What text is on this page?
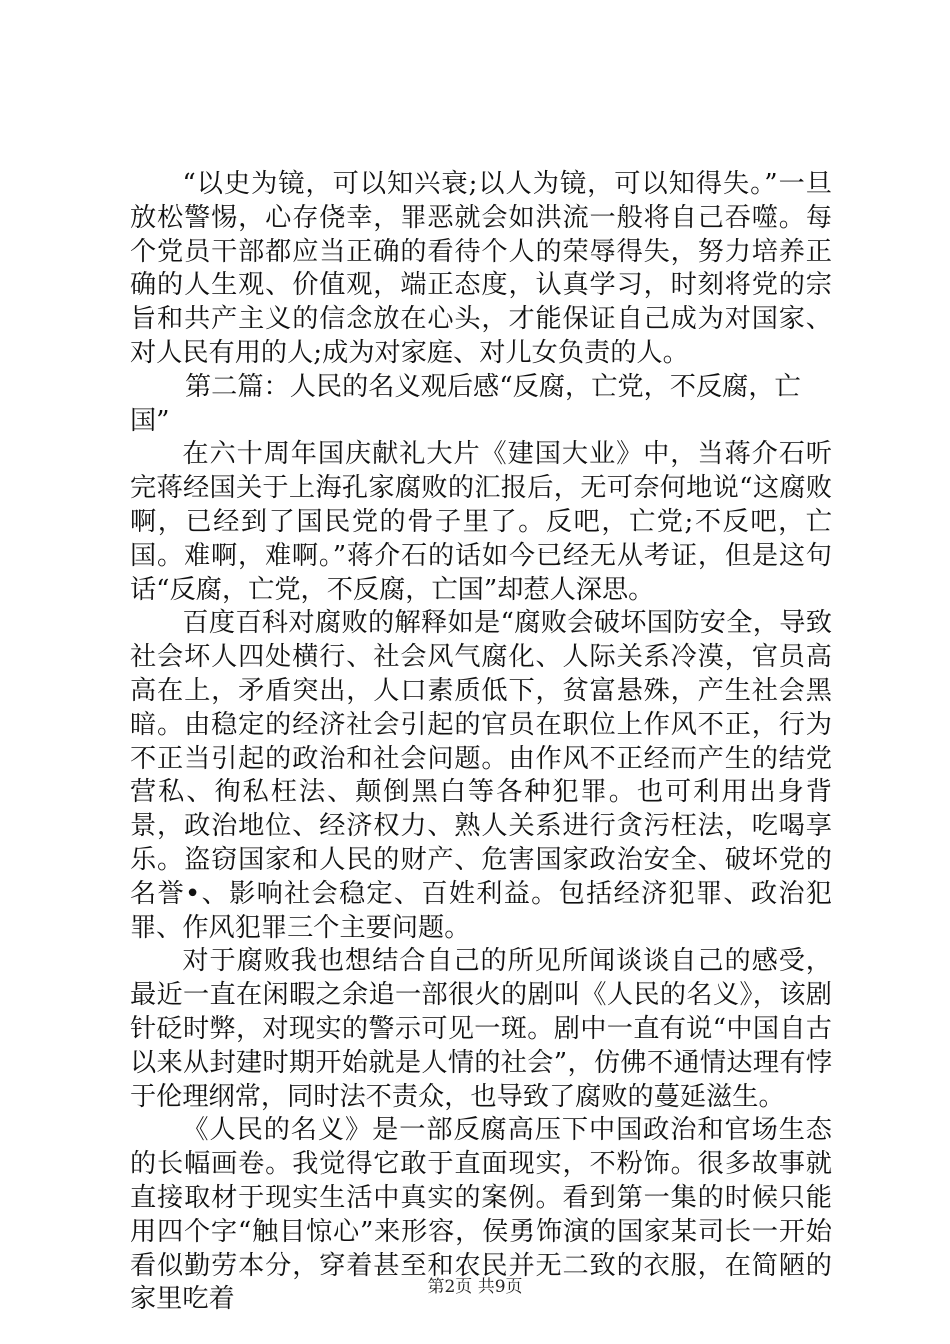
“以史为镜，可以知兴衰;以人为镜，可以知得失。”一旦放松警惕，心存侥幸，罪恶就会如洪流一般将自己吞噬。每个党员干部都应当正确的看待个人的荣辱得失，努力培养正确的人生观、价值观，端正态度，认真学习，时刻将党的宗旨和共产主义的信念放在心头，才能保证自己成为对国家、对人民有用的人;成为对家庭、对儿女负责的人。

第二篇：人民的名义观后感“反腐，亡党，不反腐，亡
国”

在六十周年国庆献礼大片《建国大业》中，当蒋介石听完蒋经国关于上海孔家腐败的汇报后，无可奈何地说“这腐败啊，已经到了国民党的骨子里了。反吧，亡党;不反吧，亡国。难啊，难啊。”蒋介石的话如今已经无从考证，但是这句话“反腐，亡党，不反腐，亡国”却惹人深思。

百度百科对腐败的解释如是“腐败会破坏国防安全，导致社会坏人四处横行、社会风气腐化、人际关系冷漠，官员高高在上，矛盾突出，人口素质低下，贫富悬殊，产生社会黑暗。由稳定的经济社会引起的官员在职位上作风不正，行为不正当引起的政治和社会问题。由作风不正经而产生的结党营私、徇私枉法、颠倒黑白等各种犯罪。也可利用出身背景，政治地位、经济权力、熟人关系进行贪污枉法，吃喝享乐。盗窃国家和人民的财产、危害国家政治安全、破坏党的名誉•、影响社会稳定、百姓利益。包括经济犯罪、政治犯罪、作风犯罪三个主要问题。

对于腐败我也想结合自己的所见所闻谈谈自己的感受，最近一直在闲暇之余追一部很火的剧叫《人民的名义》，该剧针砭时弊，对现实的警示可见一斑。剧中一直有说“中国自古以来从封建时期开始就是人情的社会”，仿佛不通情达理有悖于伦理纲常，同时法不责众，也导致了腐败的蔓延滋生。

《人民的名义》是一部反腐高压下中国政治和官场生态的长幅画卷。我觉得它敢于直面现实，不粉饰。很多故事就直接取材于现实生活中真实的案例。看到第一集的时候只能用四个字“触目惊心”来形容，侯勇饰演的国家某司长一开始看似勤劳本分，穿着甚至和农民并无二致的衣服，在简陋的家里吃着	第2页 共9页
